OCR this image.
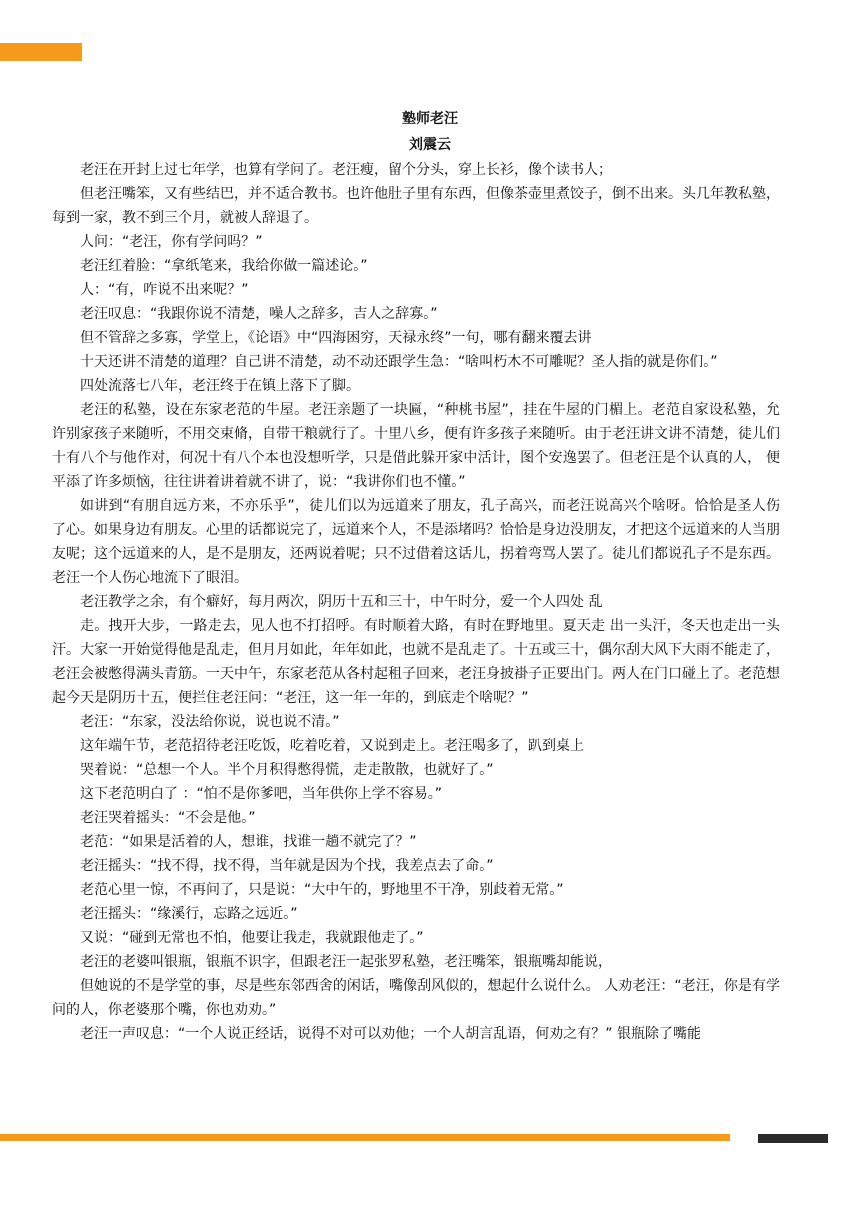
塾师老汪
刘震云

老汪在开封上过七年学，也算有学问了。老汪瘦，留个分头，穿上长衫，像个读书人；

但老汪嘴笨，又有些结巴，并不适合教书。也许他肚子里有东西，但像茶壶里煮饺子，倒不出来。头几年教私塾，每到一家，教不到三个月，就被人辞退了。

人问：“老汪，你有学问吗？”

老汪红着脸：“拿纸笔来，我给你做一篇述论。”

人：“有，咋说不出来呢？”

老汪叹息：“我跟你说不清楚，噪人之辞多，吉人之辞寡。”

但不管辞之多寡，学堂上，《论语》中“四海困穷，天禄永终”一句，哪有翻来覆去讲

十天还讲不清楚的道理？自己讲不清楚，动不动还跟学生急：“啥叫朽木不可雕呢？圣人指的就是你们。”

四处流落七八年，老汪终于在镇上落下了脚。

老汪的私塾，设在东家老范的牛屋。老汪亲题了一块匾，“种桃书屋”，挂在牛屋的门楣上。老范自家设私塾，允许别家孩子来随听，不用交束脩，自带干粮就行了。十里八乡，便有许多孩子来随听。由于老汪讲文讲不清楚，徒儿们十有八个与他作对，何况十有八个本也没想听学，只是借此躲开家中活计，图个安逸罢了。但老汪是个认真的人， 便平添了许多烦恼，往往讲着讲着就不讲了，说：“我讲你们也不懂。”

如讲到“有朋自远方来，不亦乐乎”，徒儿们以为远道来了朋友，孔子高兴，而老汪说高兴个啥呀。恰恰是圣人伤了心。如果身边有朋友。心里的话都说完了，远道来个人，不是添堵吗？恰恰是身边没朋友，才把这个远道来的人当朋友呢；这个远道来的人，是不是朋友，还两说着呢；只不过借着这话儿，拐着弯骂人罢了。徒儿们都说孔子不是东西。老汪一个人伤心地流下了眼泪。

老汪教学之余，有个癖好，每月两次，阴历十五和三十，中午时分，爱一个人四处 乱

走。拽开大步，一路走去，见人也不打招呼。有时顺着大路，有时在野地里。夏天走 出一头汗，冬天也走出一头汗。大家一开始觉得他是乱走，但月月如此，年年如此，也就不是乱走了。十五或三十，偶尔刮大风下大雨不能走了，老汪会被憋得满头青筋。一天中午，东家老范从各村起租子回来，老汪身披褂子正要出门。两人在门口碰上了。老范想起今天是阴历十五，便拦住老汪问：“老汪，这一年一年的，到底走个啥呢？”

老汪：“东家，没法给你说，说也说不清。”

这年端午节，老范招待老汪吃饭，吃着吃着，又说到走上。老汪喝多了，趴到桌上

哭着说：“总想一个人。半个月积得憋得慌，走走散散，也就好了。”

这下老范明白了 ：“怕不是你爹吧，当年供你上学不容易。”

老汪哭着摇头：“不会是他。”

老范：“如果是活着的人，想谁，找谁一趟不就完了？”

老汪摇头：“找不得，找不得，当年就是因为个找，我差点去了命。”

老范心里一惊，不再问了，只是说：“大中午的，野地里不干净，别歧着无常。”

老汪摇头：“缘溪行，忘路之远近。”

又说：“碰到无常也不怕，他要让我走，我就跟他走了。”

老汪的老婆叫银瓶，银瓶不识字，但跟老汪一起张罗私塾，老汪嘴笨，银瓶嘴却能说，

但她说的不是学堂的事，尽是些东邻西舍的闲话，嘴像刮风似的，想起什么说什么。 人劝老汪：“老汪，你是有学问的人，你老婆那个嘴，你也劝劝。”

老汪一声叹息：“一个人说正经话，说得不对可以劝他；一个人胡言乱语，何劝之有？” 银瓶除了嘴能
